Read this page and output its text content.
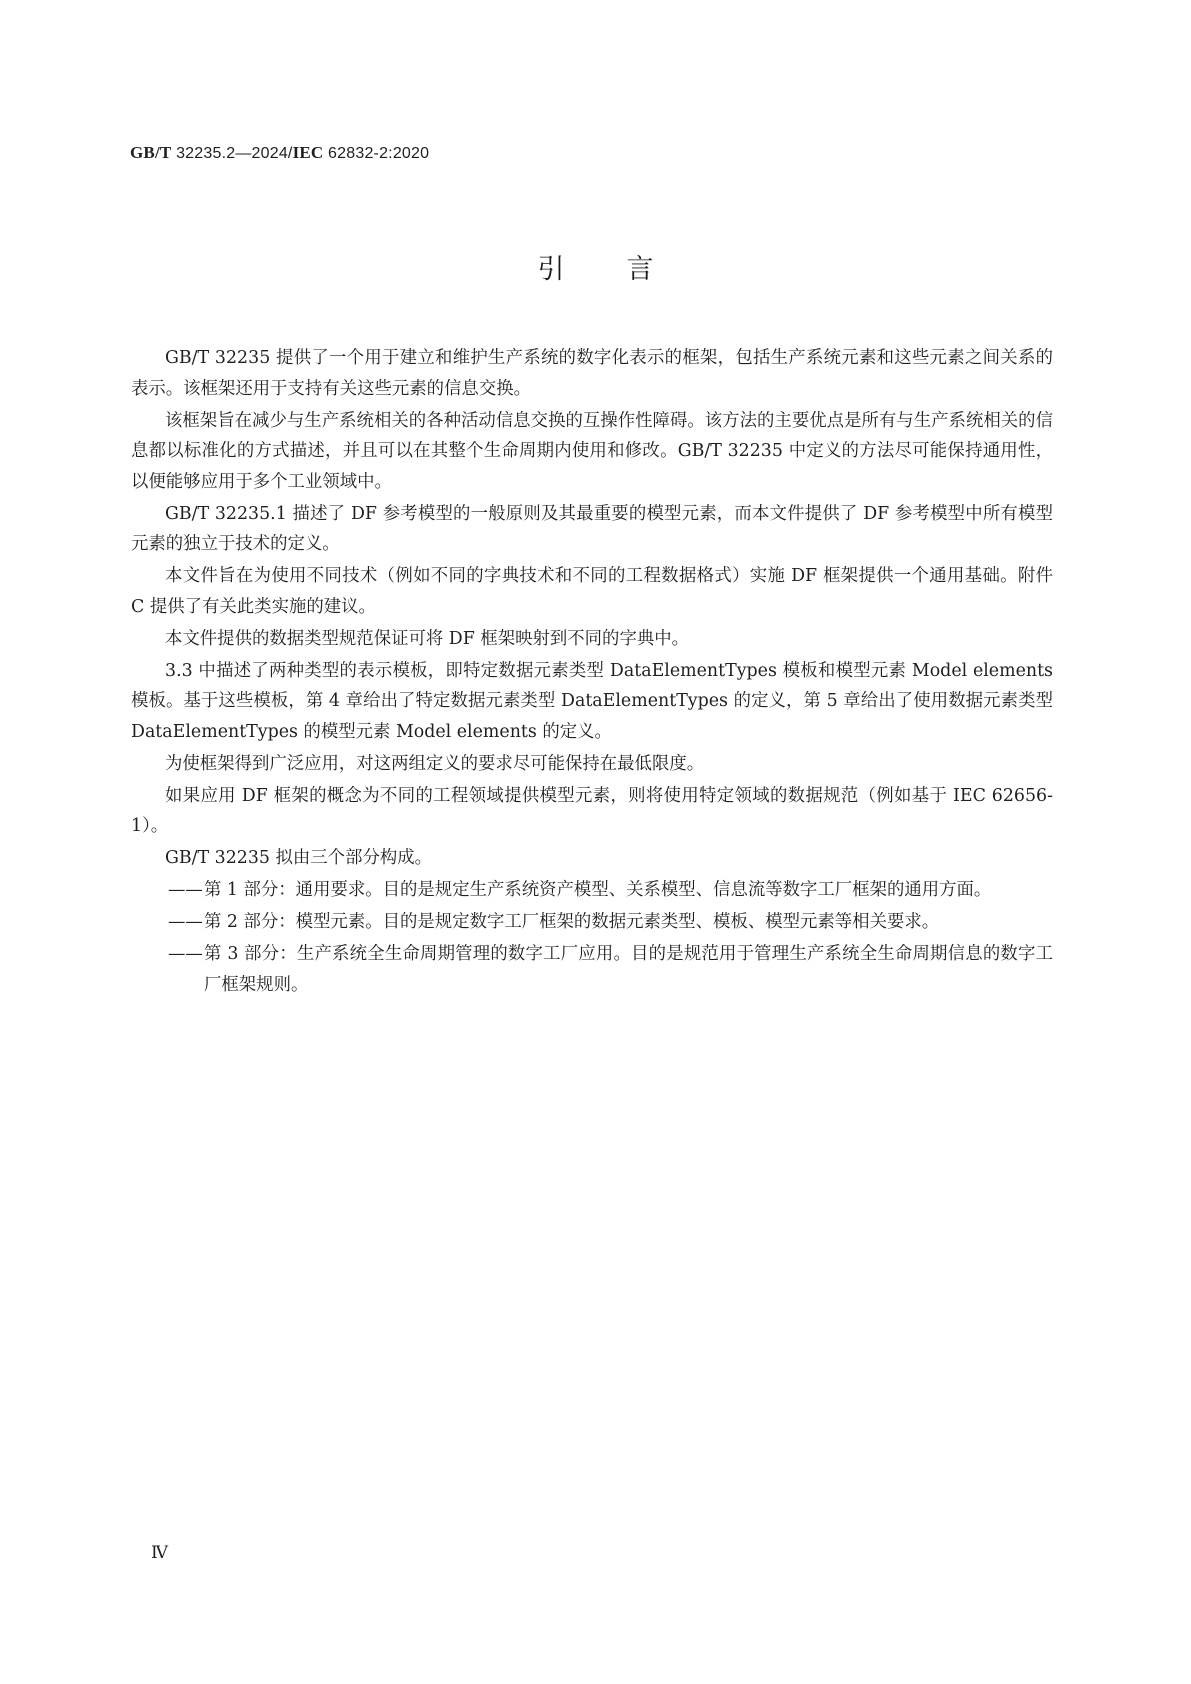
GB/T 32235.2—2024/IEC 62832-2:2020
引言

GB/T 32235 提供了一个用于建立和维护生产系统的数字化表示的框架，包括生产系统元素和这些元素之间关系的表示。该框架还用于支持有关这些元素的信息交换。

该框架旨在减少与生产系统相关的各种活动信息交换的互操作性障碍。该方法的主要优点是所有与生产系统相关的信息都以标准化的方式描述，并且可以在其整个生命周期内使用和修改。GB/T 32235 中定义的方法尽可能保持通用性，以便能够应用于多个工业领域中。

GB/T 32235.1 描述了 DF 参考模型的一般原则及其最重要的模型元素，而本文件提供了 DF 参考模型中所有模型元素的独立于技术的定义。

本文件旨在为使用不同技术（例如不同的字典技术和不同的工程数据格式）实施 DF 框架提供一个通用基础。附件 C 提供了有关此类实施的建议。

本文件提供的数据类型规范保证可将 DF 框架映射到不同的字典中。

3.3 中描述了两种类型的表示模板，即特定数据元素类型 DataElementTypes 模板和模型元素 Model elements 模板。基于这些模板，第 4 章给出了特定数据元素类型 DataElementTypes 的定义，第 5 章给出了使用数据元素类型 DataElementTypes 的模型元素 Model elements 的定义。

为使框架得到广泛应用，对这两组定义的要求尽可能保持在最低限度。

如果应用 DF 框架的概念为不同的工程领域提供模型元素，则将使用特定领域的数据规范（例如基于 IEC 62656-1）。

GB/T 32235 拟由三个部分构成。

—— 第 1 部分：通用要求。目的是规定生产系统资产模型、关系模型、信息流等数字工厂框架的通用方面。

—— 第 2 部分：模型元素。目的是规定数字工厂框架的数据元素类型、模板、模型元素等相关要求。

—— 第 3 部分：生产系统全生命周期管理的数字工厂应用。目的是规范用于管理生产系统全生命周期信息的数字工厂框架规则。

Ⅳ
